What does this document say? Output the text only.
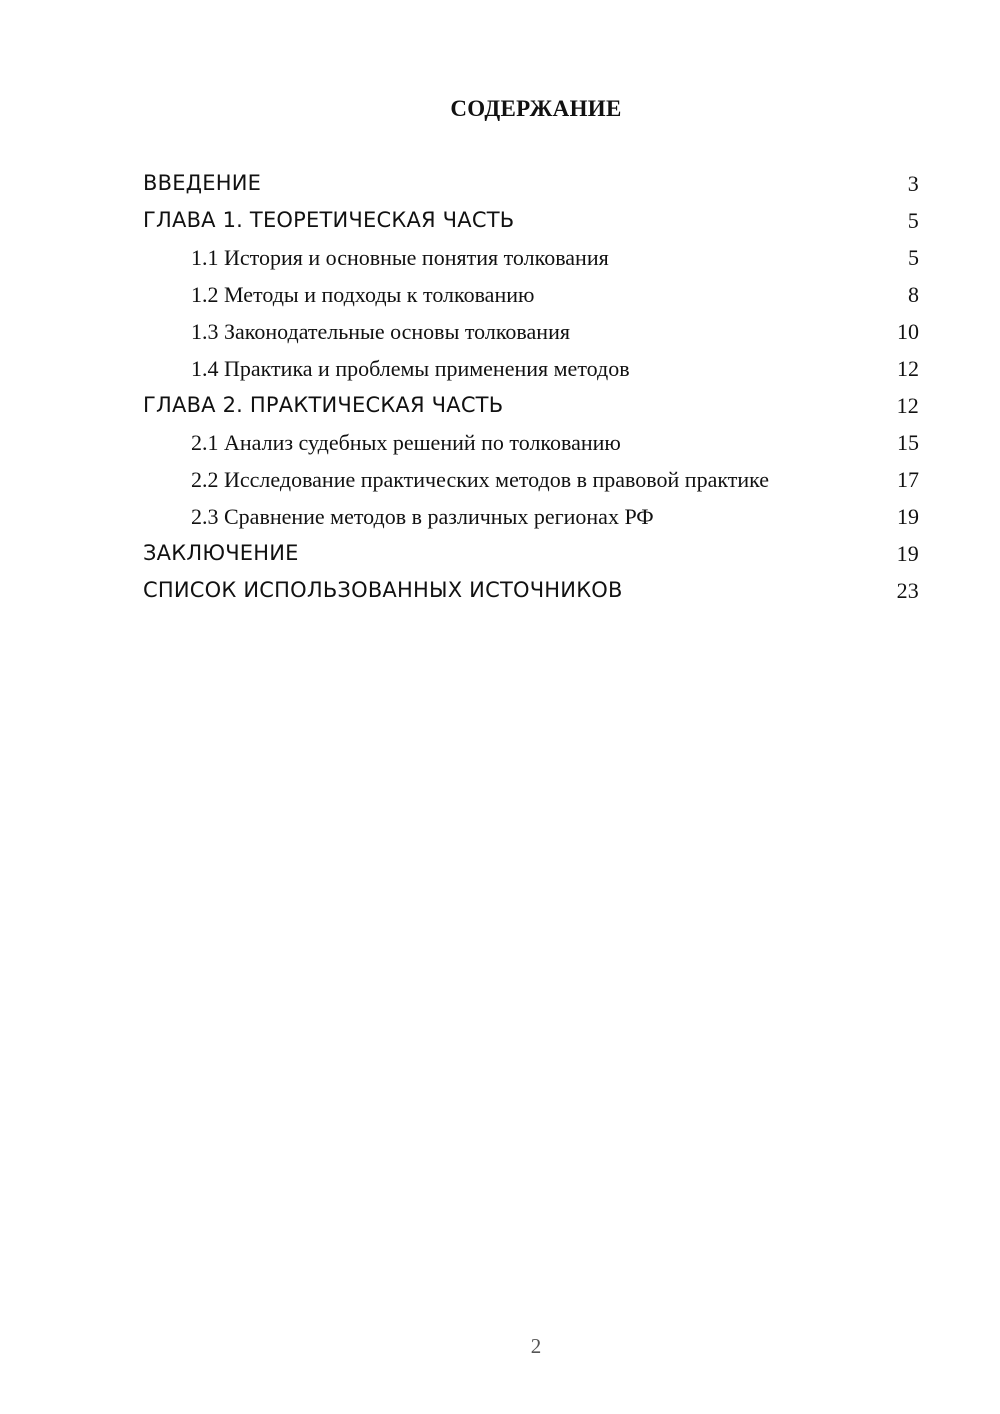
СОДЕРЖАНИЕ
ВВЕДЕНИЕ	3
ГЛАВА 1. ТЕОРЕТИЧЕСКАЯ ЧАСТЬ	5
1.1 История и основные понятия толкования	5
1.2 Методы и подходы к толкованию	8
1.3 Законодательные основы толкования	10
1.4 Практика и проблемы применения методов	12
ГЛАВА 2. ПРАКТИЧЕСКАЯ ЧАСТЬ	12
2.1 Анализ судебных решений по толкованию	15
2.2 Исследование практических методов в правовой практике	17
2.3 Сравнение методов в различных регионах РФ	19
ЗАКЛЮЧЕНИЕ	19
СПИСОК ИСПОЛЬЗОВАННЫХ ИСТОЧНИКОВ	23
2
